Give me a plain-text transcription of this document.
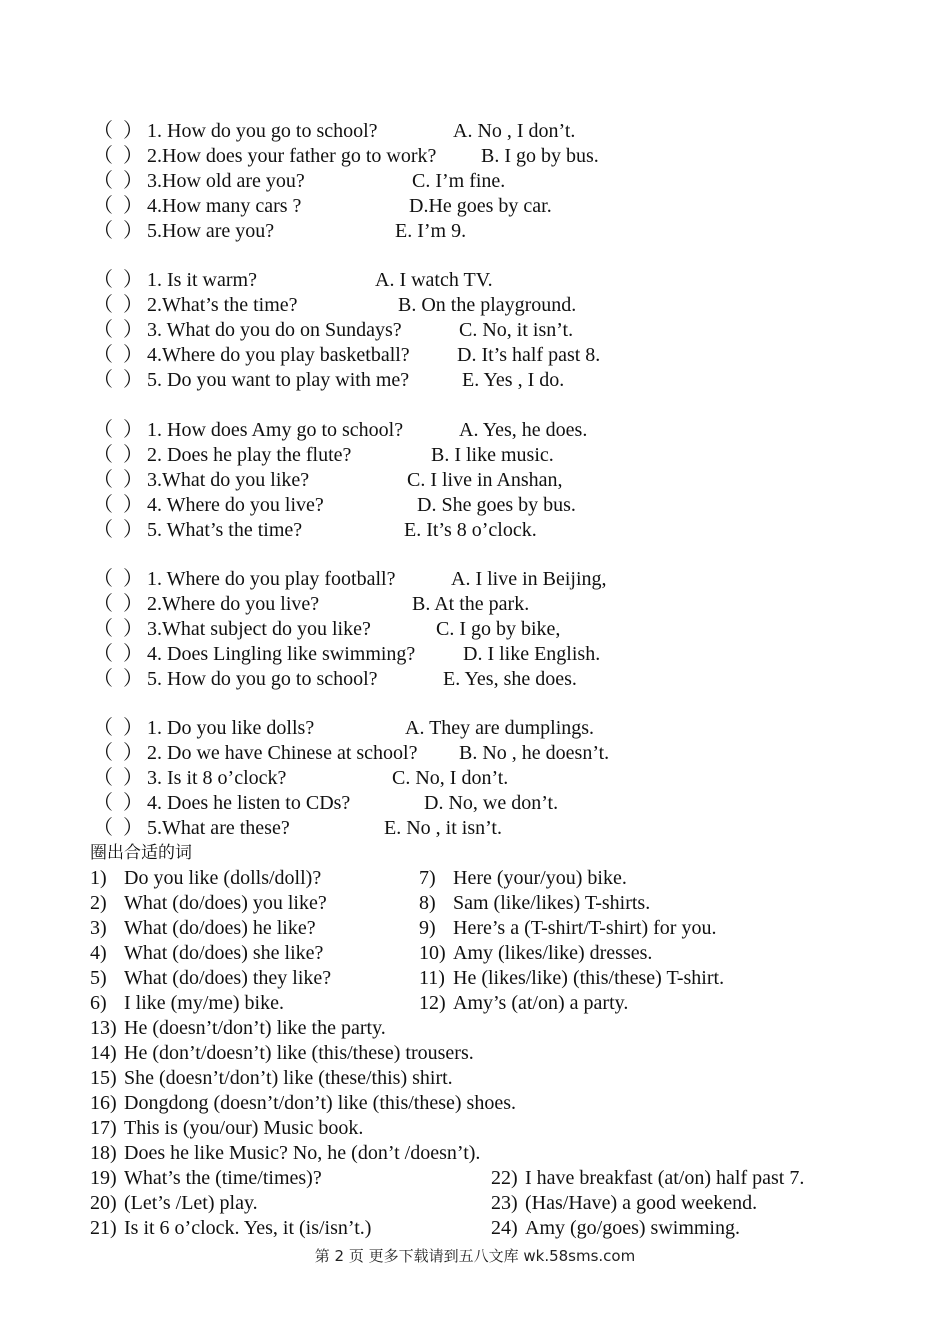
（  ） 1. How do you go to school?	A. No , I don’t.
（  ） 2.How does your father go to work? B. I go by bus.
（  ） 3.How old are you?	C. I’m fine.
（  ） 4.How many cars ?	D.He goes by car.
（  ） 5.How are you?	E. I’m 9.
（  ） 1. Is it warm?	A. I watch TV.
（  ） 2.What’s the time?	B. On the playground.
（  ） 3. What do you do on Sundays?	C. No, it isn’t.
（  ） 4.Where do you play basketball? D. It’s half past 8.
（  ） 5. Do you want to play with me?	E. Yes , I do.
（  ） 1. How does Amy go to school?	A. Yes, he does.
（  ） 2. Does he play the flute?	B. I like music.
（  ） 3.What do you like?	C. I live in Anshan,
（  ） 4. Where do you live?	D. She goes by bus.
（  ） 5. What’s the time?	E. It’s 8 o’clock.
（  ） 1. Where do you play football?	A. I live in Beijing,
（  ） 2.Where do you live?	B. At the park.
（  ） 3.What subject do you like?	C. I go by bike,
（  ） 4. Does Lingling like swimming? D. I like English.
（  ） 5. How do you go to school?	E. Yes, she does.
（  ） 1. Do you like dolls?	A. They are dumplings.
（  ） 2. Do we have Chinese at school? B. No , he doesn’t.
（  ） 3. Is it 8 o’clock?	C. No, I don’t.
（  ） 4. Does he listen to CDs?	D. No, we don’t.
（  ） 5.What are these?	E. No , it isn’t.
圈出合适的词
1) Do you like (dolls/doll)?	7) Here (your/you) bike.
2) What (do/does) you like?	8) Sam (like/likes) T-shirts.
3) What (do/does) he like?	9) Here’s a (T-shirt/T-shirt) for you.
4) What (do/does) she like?	10) Amy (likes/like) dresses.
5) What (do/does) they like?	11) He (likes/like) (this/these) T-shirt.
6) I like (my/me) bike.	12) Amy’s (at/on) a party.
13) He (doesn’t/don’t) like the party.
14) He (don’t/doesn’t) like (this/these) trousers.
15) She (doesn’t/don’t) like (these/this) shirt.
16) Dongdong (doesn’t/don’t) like (this/these) shoes.
17) This is (you/our) Music book.
18) Does he like Music? No, he (don’t /doesn’t).
19) What’s the (time/times)?	22) I have breakfast (at/on) half past 7.
20) (Let’s /Let) play.	23) (Has/Have) a good weekend.
21) Is it 6 o’clock. Yes, it (is/isn’t.)	24) Amy (go/goes) swimming.
第 2 页 更多下载请到五八文库 wk.58sms.com
